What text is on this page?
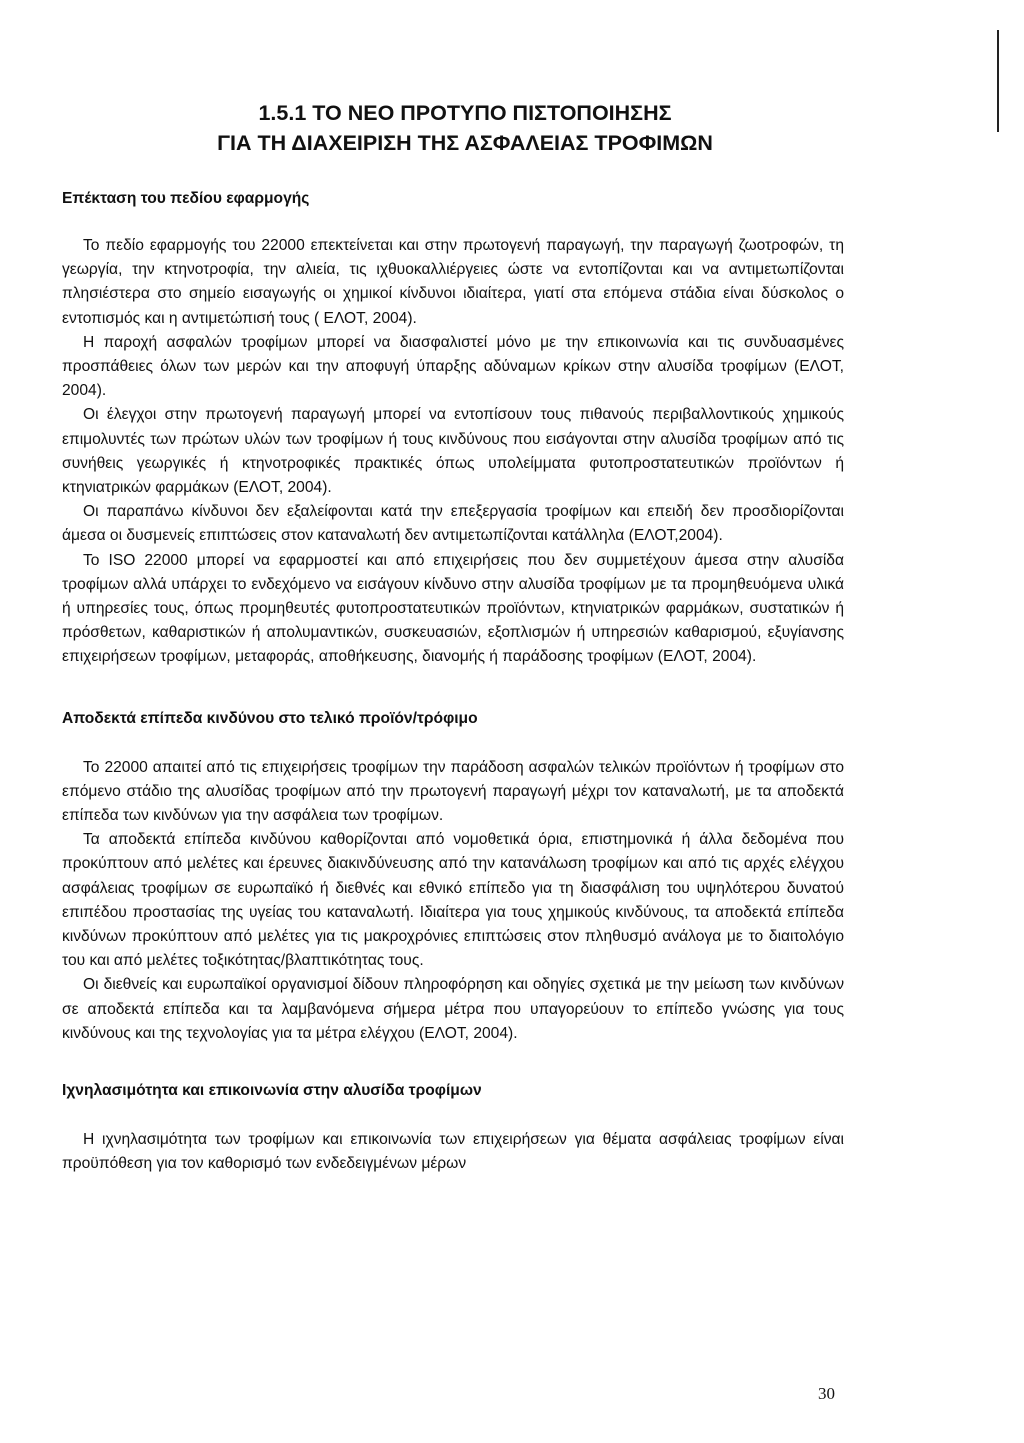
1.5.1 ΤΟ ΝΕΟ ΠΡΟΤΥΠΟ ΠΙΣΤΟΠΟΙΗΣΗΣ
ΓΙΑ ΤΗ ΔΙΑΧΕΙΡΙΣΗ ΤΗΣ ΑΣΦΑΛΕΙΑΣ ΤΡΟΦΙΜΩΝ
Επέκταση του πεδίου εφαρμογής

Το πεδίο εφαρμογής του 22000 επεκτείνεται και στην πρωτογενή παραγωγή, την παραγωγή ζωοτροφών, τη γεωργία, την κτηνοτροφία, την αλιεία, τις ιχθυοκαλλιέργειες ώστε να εντοπίζονται και να αντιμετωπίζονται πλησιέστερα στο σημείο εισαγωγής οι χημικοί κίνδυνοι ιδιαίτερα, γιατί στα επόμενα στάδια είναι δύσκολος ο εντοπισμός και η αντιμετώπισή τους ( ΕΛΟΤ, 2004).

Η παροχή ασφαλών τροφίμων μπορεί να διασφαλιστεί μόνο με την επικοινωνία και τις συνδυασμένες προσπάθειες όλων των μερών και την αποφυγή ύπαρξης αδύναμων κρίκων στην αλυσίδα τροφίμων (ΕΛΟΤ, 2004).

Οι έλεγχοι στην πρωτογενή παραγωγή μπορεί να εντοπίσουν τους πιθανούς περιβαλλοντικούς χημικούς επιμολυντές των πρώτων υλών των τροφίμων ή τους κινδύνους που εισάγονται στην αλυσίδα τροφίμων από τις συνήθεις γεωργικές ή κτηνοτροφικές πρακτικές όπως υπολείμματα φυτοπροστατευτικών προϊόντων ή κτηνιατρικών φαρμάκων (ΕΛΟΤ, 2004).

Οι παραπάνω κίνδυνοι δεν εξαλείφονται κατά την επεξεργασία τροφίμων και επειδή δεν προσδιορίζονται άμεσα οι δυσμενείς επιπτώσεις στον καταναλωτή δεν αντιμετωπίζονται κατάλληλα (ΕΛΟΤ,2004).

Το ISO 22000 μπορεί να εφαρμοστεί και από επιχειρήσεις που δεν συμμετέχουν άμεσα στην αλυσίδα τροφίμων αλλά υπάρχει το ενδεχόμενο να εισάγουν κίνδυνο στην αλυσίδα τροφίμων με τα προμηθευόμενα υλικά ή υπηρεσίες τους, όπως προμηθευτές φυτοπροστατευτικών προϊόντων, κτηνιατρικών φαρμάκων, συστατικών ή πρόσθετων, καθαριστικών ή απολυμαντικών, συσκευασιών, εξοπλισμών ή υπηρεσιών καθαρισμού, εξυγίανσης επιχειρήσεων τροφίμων, μεταφοράς, αποθήκευσης, διανομής ή παράδοσης τροφίμων (ΕΛΟΤ, 2004).

Αποδεκτά επίπεδα κινδύνου στο τελικό προϊόν/τρόφιμο

Το 22000 απαιτεί από τις επιχειρήσεις τροφίμων την παράδοση ασφαλών τελικών προϊόντων ή τροφίμων στο επόμενο στάδιο της αλυσίδας τροφίμων από την πρωτογενή παραγωγή μέχρι τον καταναλωτή, με τα αποδεκτά επίπεδα των κινδύνων για την ασφάλεια των τροφίμων.

Τα αποδεκτά επίπεδα κινδύνου καθορίζονται από νομοθετικά όρια, επιστημονικά ή άλλα δεδομένα που προκύπτουν από μελέτες και έρευνες διακινδύνευσης από την κατανάλωση τροφίμων και από τις αρχές ελέγχου ασφάλειας τροφίμων σε ευρωπαϊκό ή διεθνές και εθνικό επίπεδο για τη διασφάλιση του υψηλότερου δυνατού επιπέδου προστασίας της υγείας του καταναλωτή. Ιδιαίτερα για τους χημικούς κινδύνους, τα αποδεκτά επίπεδα κινδύνων προκύπτουν από μελέτες για τις μακροχρόνιες επιπτώσεις στον πληθυσμό ανάλογα με το διαιτολόγιο του και από μελέτες τοξικότητας/βλαπτικότητας τους.

Οι διεθνείς και ευρωπαϊκοί οργανισμοί δίδουν πληροφόρηση και οδηγίες σχετικά με την μείωση των κινδύνων σε αποδεκτά επίπεδα και τα λαμβανόμενα σήμερα μέτρα που υπαγορεύουν το επίπεδο γνώσης για τους κινδύνους και της τεχνολογίας για τα μέτρα ελέγχου (ΕΛΟΤ, 2004).

Ιχνηλασιμότητα και επικοινωνία στην αλυσίδα τροφίμων

Η ιχνηλασιμότητα των τροφίμων και επικοινωνία των επιχειρήσεων για θέματα ασφάλειας τροφίμων είναι προϋπόθεση για τον καθορισμό των ενδεδειγμένων μέρων

30
